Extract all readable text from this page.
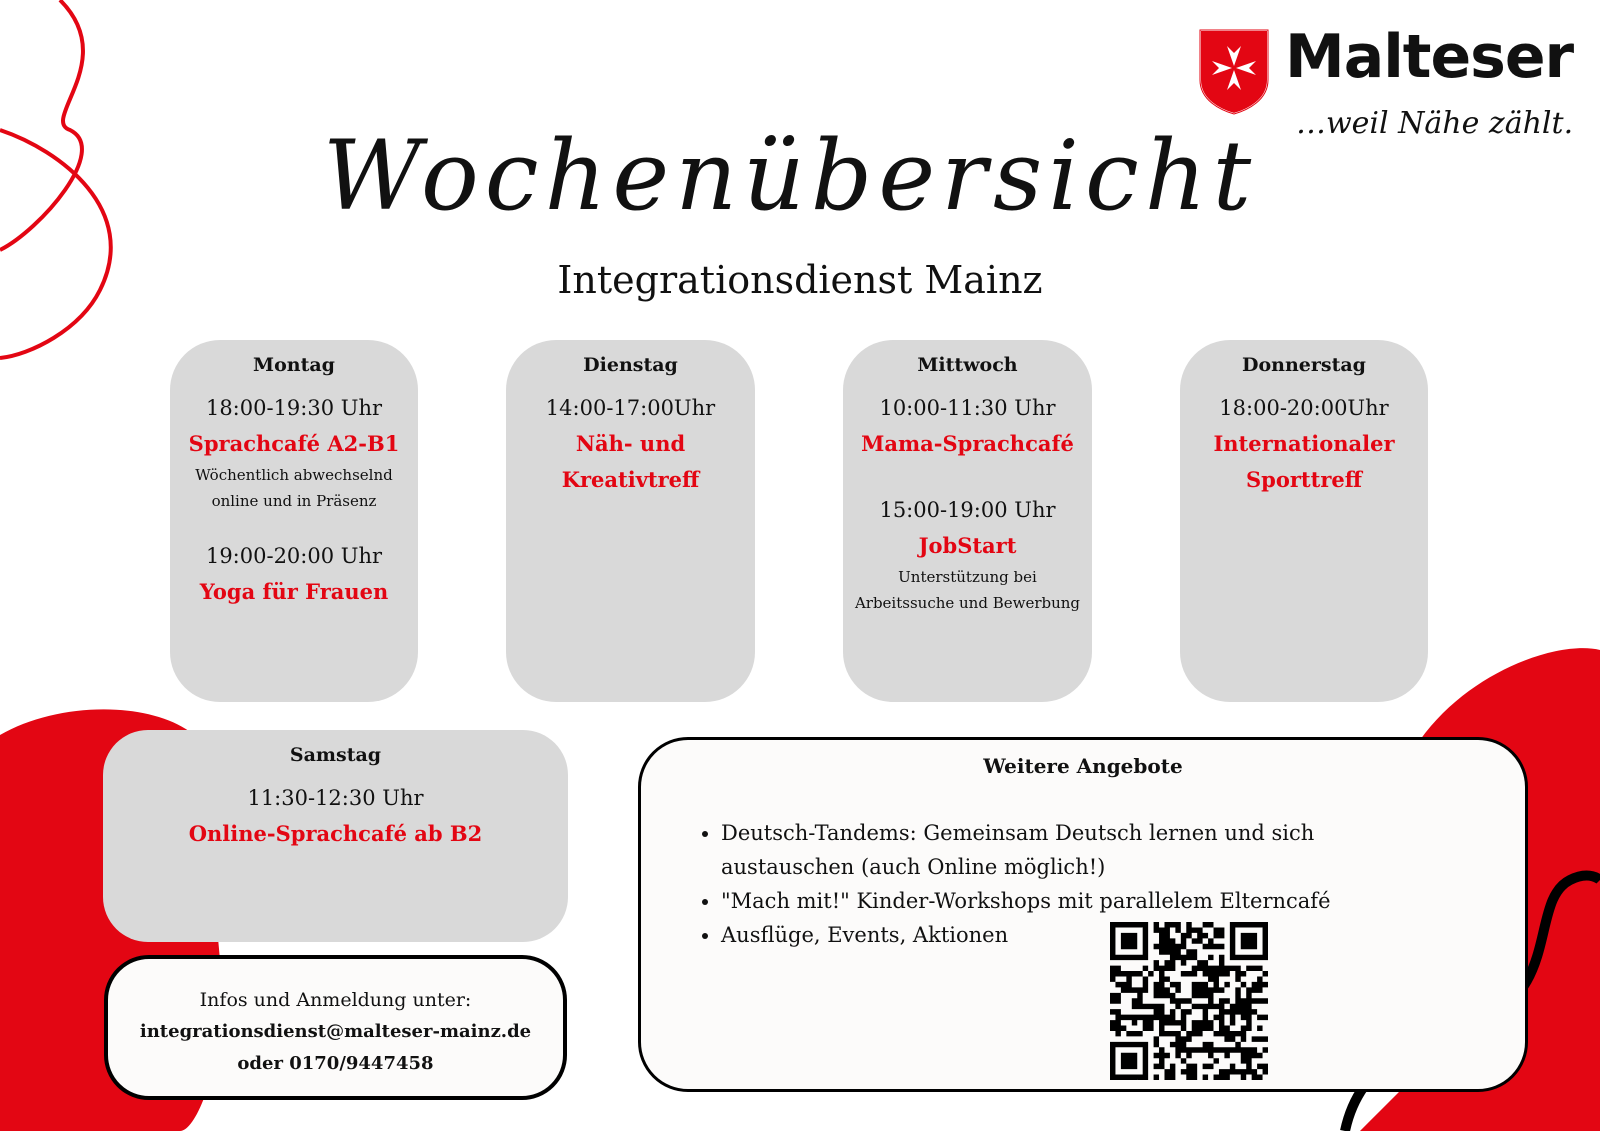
Malteser
…weil Nähe zählt.
Wochenübersicht
Integrationsdienst Mainz
Montag
18:00-19:30 Uhr
Sprachcafé A2-B1
Wöchentlich abwechselnd
online und in Präsenz
19:00-20:00 Uhr
Yoga für Frauen
Dienstag
14:00-17:00Uhr
Näh- und
Kreativtreff
Mittwoch
10:00-11:30 Uhr
Mama-Sprachcafé
15:00-19:00 Uhr
JobStart
Unterstützung bei
Arbeitssuche und Bewerbung
Donnerstag
18:00-20:00Uhr
Internationaler
Sporttreff
Samstag
11:30-12:30 Uhr
Online-Sprachcafé ab B2
Infos und Anmeldung unter:
integrationsdienst@malteser-mainz.de
oder 0170/9447458
Weitere Angebote
• Deutsch-Tandems: Gemeinsam Deutsch lernen und sich austauschen (auch Online möglich!)
• "Mach mit!" Kinder-Workshops mit parallelem Elterncafé
• Ausflüge, Events, Aktionen
